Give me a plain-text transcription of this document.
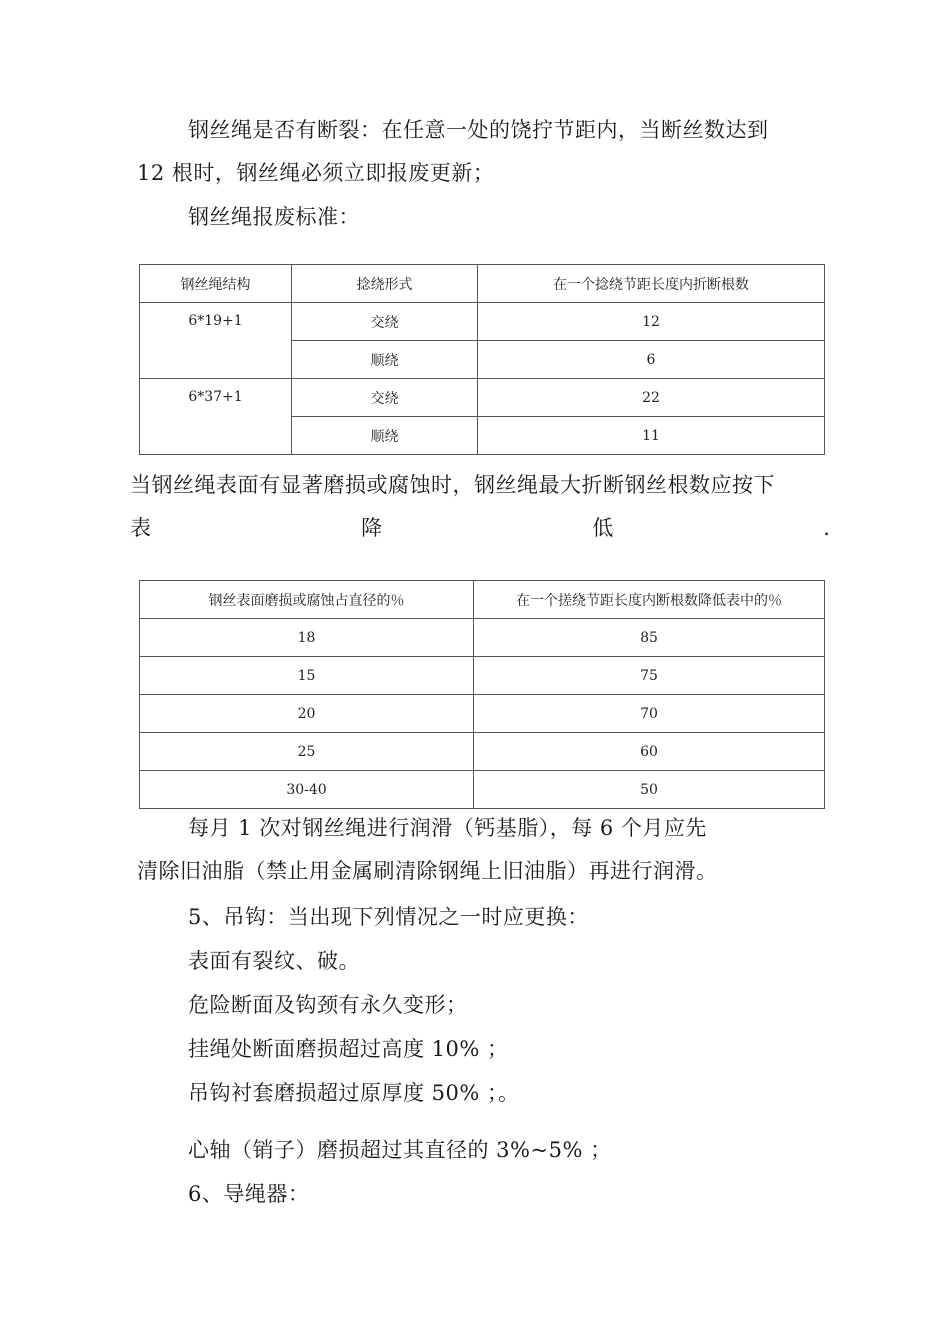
钢丝绳是否有断裂：在任意一处的饶拧节距内，当断丝数达到
12 根时，钢丝绳必须立即报废更新；
钢丝绳报废标准：
钢丝绳结构	捻绕形式	在一个捻绕节距长度内折断根数
6*19+1	交绕	12
	顺绕	6
6*37+1	交绕	22
	顺绕	11
当钢丝绳表面有显著磨损或腐蚀时，钢丝绳最大折断钢丝根数应按下
表	降	低	.
钢丝表面磨损或腐蚀占直径的％	在一个搓绕节距长度内断根数降低表中的％
18	85
15	75
20	70
25	60
30-40	50
每月 1 次对钢丝绳进行润滑（钙基脂），每 6 个月应先
清除旧油脂（禁止用金属刷清除钢绳上旧油脂）再进行润滑。
5、吊钩：当出现下列情况之一时应更换：
表面有裂纹、破。
危险断面及钩颈有永久变形；
挂绳处断面磨损超过高度 10% ；
吊钩衬套磨损超过原厚度 50% ；。
心轴（销子）磨损超过其直径的 3%~5% ；
6、导绳器：
